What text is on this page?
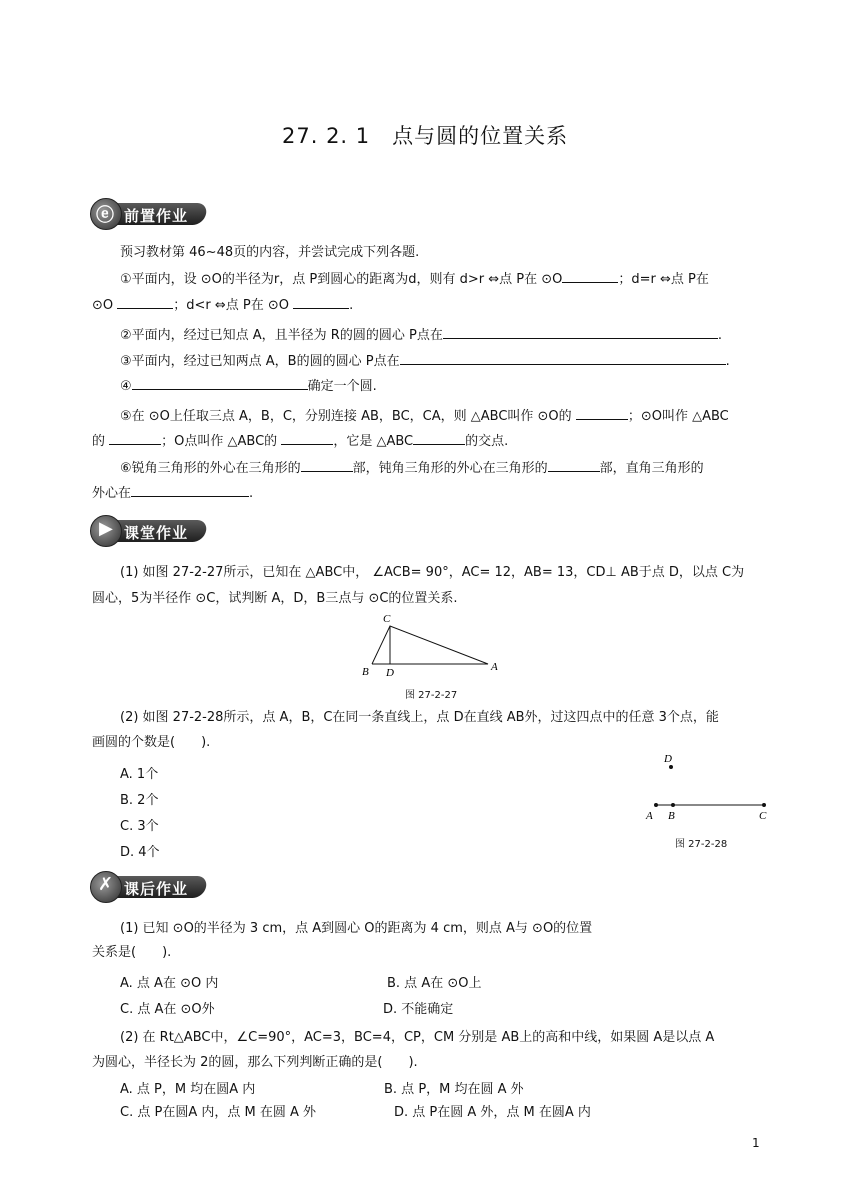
27. 2. 1　点与圆的位置关系
ⓔ 前置作业
预习教材第 46~48页的内容，并尝试完成下列各题.
①平面内，设 ⊙O的半径为r，点 P到圆心的距离为d，则有 d>r ⇔点 P在 ⊙O	；d=r ⇔点 P在
⊙O	；d<r ⇔点 P在 ⊙O	.
②平面内，经过已知点 A，且半径为 R的圆的圆心 P点在	.
③平面内，经过已知两点 A，B的圆的圆心 P点在	.
④	确定一个圆.
⑤在 ⊙O上任取三点 A，B，C，分别连接 AB，BC，CA，则 △ABC叫作 ⊙O的	；⊙O叫作 △ABC
的	；O点叫作 △ABC的	，它是 △ABC	的交点.
⑥锐角三角形的外心在三角形的	部，钝角三角形的外心在三角形的	部，直角三角形的
外心在	.
▶ 课堂作业
(1) 如图 27-2-27所示，已知在 △ABC中， ∠ACB= 90°，AC= 12，AB= 13，CD⊥ AB于点 D，以点 C为
圆心，5为半径作 ⊙C，试判断 A，D，B三点与 ⊙C的位置关系.
C
B D	A
图 27-2-27
(2) 如图 27-2-28所示，点 A，B，C在同一条直线上，点 D在直线 AB外，过这四点中的任意 3个点，能
画圆的个数是(　　).
A. 1个
B. 2个
C. 3个
D. 4个
D
A B	C
图 27-2-28
✗ 课后作业
(1) 已知 ⊙O的半径为 3 cm，点 A到圆心 O的距离为 4 cm，则点 A与 ⊙O的位置
关系是(　　).
A. 点 A在 ⊙O 内	B. 点 A在 ⊙O上
C. 点 A在 ⊙O外	D. 不能确定
(2) 在 Rt△ABC中，∠C=90°，AC=3，BC=4，CP，CM 分别是 AB上的高和中线，如果圆 A是以点 A
为圆心，半径长为 2的圆，那么下列判断正确的是(　　).
A. 点 P，M 均在圆A 内	B. 点 P，M 均在圆 A 外
C. 点 P在圆A 内，点 M 在圆 A 外	D. 点 P在圆 A 外，点 M 在圆A 内
1
